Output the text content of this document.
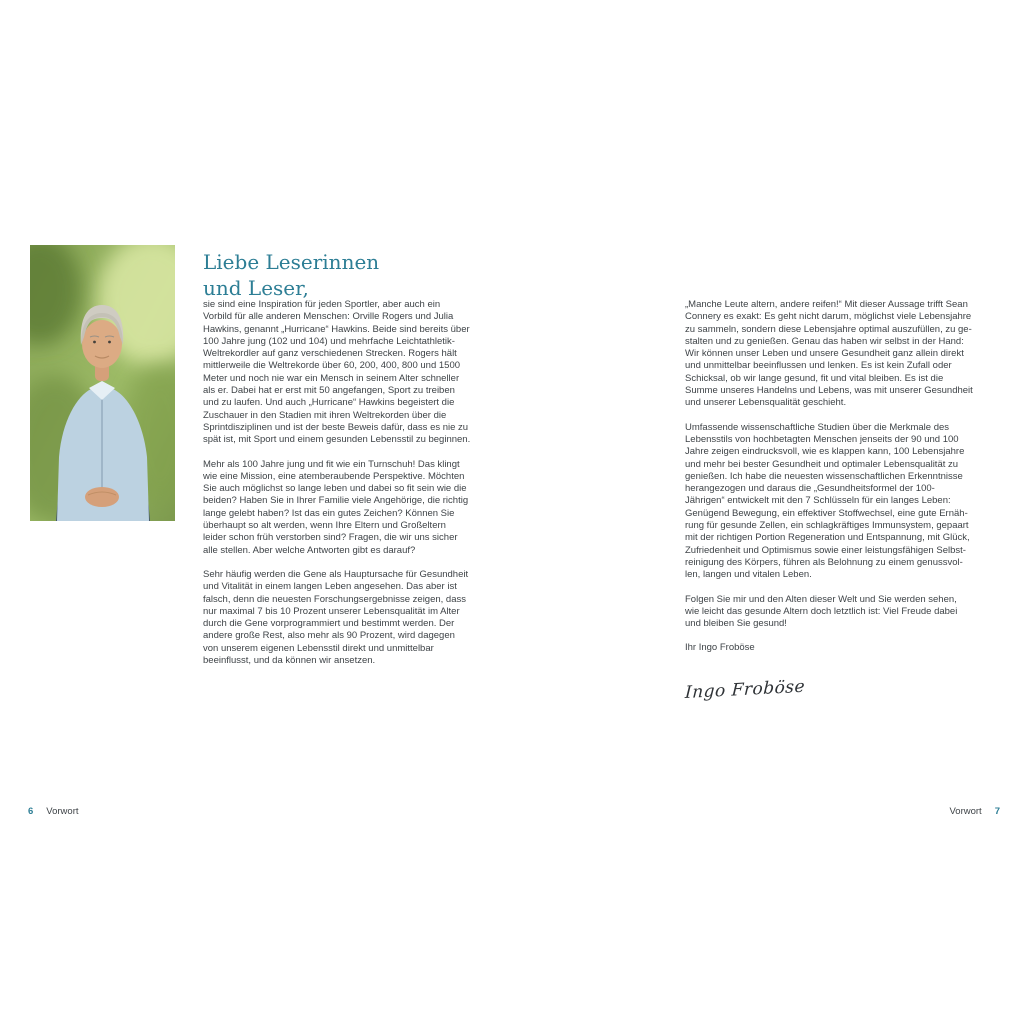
Liebe Leserinnen
und Leser,

sie sind eine Inspiration für jeden Sportler, aber auch ein Vorbild für alle anderen Menschen: Orville Rogers und Julia Hawkins, genannt „Hurricane“ Hawkins. Beide sind bereits über 100 Jahre jung (102 und 104) und mehrfache Leichtathletik-Weltrekordler auf ganz verschiedenen Strecken. Rogers hält mittlerweile die Weltrekorde über 60, 200, 400, 800 und 1500 Meter und noch nie war ein Mensch in seinem Alter schneller als er. Dabei hat er erst mit 50 angefangen, Sport zu treiben und zu laufen. Und auch „Hurricane“ Hawkins begeistert die Zuschauer in den Stadien mit ihren Weltrekorden über die Sprintdisziplinen und ist der beste Beweis dafür, dass es nie zu spät ist, mit Sport und einem gesunden Lebensstil zu beginnen.

Mehr als 100 Jahre jung und fit wie ein Turnschuh! Das klingt wie eine Mission, eine atemberaubende Perspektive. Möchten Sie auch möglichst so lange leben und dabei so fit sein wie die beiden? Haben Sie in Ihrer Familie viele Angehörige, die richtig lange gelebt haben? Ist das ein gutes Zeichen? Können Sie überhaupt so alt werden, wenn Ihre Eltern und Großeltern leider schon früh verstorben sind? Fragen, die wir uns sicher alle stellen. Aber welche Antworten gibt es darauf?

Sehr häufig werden die Gene als Hauptursache für Gesundheit und Vitalität in einem langen Leben angesehen. Das aber ist falsch, denn die neuesten Forschungsergebnisse zeigen, dass nur maximal 7 bis 10 Prozent unserer Lebensqualität im Alter durch die Gene vorprogrammiert und bestimmt werden. Der andere große Rest, also mehr als 90 Prozent, wird dagegen von unserem eigenen Lebensstil direkt und unmittelbar beeinflusst, und da können wir ansetzen.

„Manche Leute altern, andere reifen!“ Mit dieser Aussage trifft Sean Connery es exakt: Es geht nicht darum, möglichst viele Lebensjahre zu sammeln, sondern diese Lebensjahre optimal auszufüllen, zu gestalten und zu genießen. Genau das haben wir selbst in der Hand: Wir können unser Leben und unsere Gesundheit ganz allein direkt und unmittelbar beeinflussen und lenken. Es ist kein Zufall oder Schicksal, ob wir lange gesund, fit und vital bleiben. Es ist die Summe unseres Handelns und Lebens, was mit unserer Gesundheit und unserer Lebensqualität geschieht.

Umfassende wissenschaftliche Studien über die Merkmale des Lebensstils von hochbetagten Menschen jenseits der 90 und 100 Jahre zeigen eindrucksvoll, wie es klappen kann, 100 Lebensjahre und mehr bei bester Gesundheit und optimaler Lebensqualität zu genießen. Ich habe die neuesten wissenschaftlichen Erkenntnisse herangezogen und daraus die „Gesundheitsformel der 100-Jährigen“ entwickelt mit den 7 Schlüsseln für ein langes Leben: Genügend Bewegung, ein effektiver Stoffwechsel, eine gute Ernährung für gesunde Zellen, ein schlagkräftiges Immunsystem, gepaart mit der richtigen Portion Regeneration und Entspannung, mit Glück, Zufriedenheit und Optimismus sowie einer leistungsfähigen Selbstreinigung des Körpers, führen als Belohnung zu einem genussvollen, langen und vitalen Leben.

Folgen Sie mir und den Alten dieser Welt und Sie werden sehen, wie leicht das gesunde Altern doch letztlich ist: Viel Freude dabei und bleiben Sie gesund!

Ihr Ingo Froböse

Ingo Froböse
6 Vorwort	Vorwort 7
